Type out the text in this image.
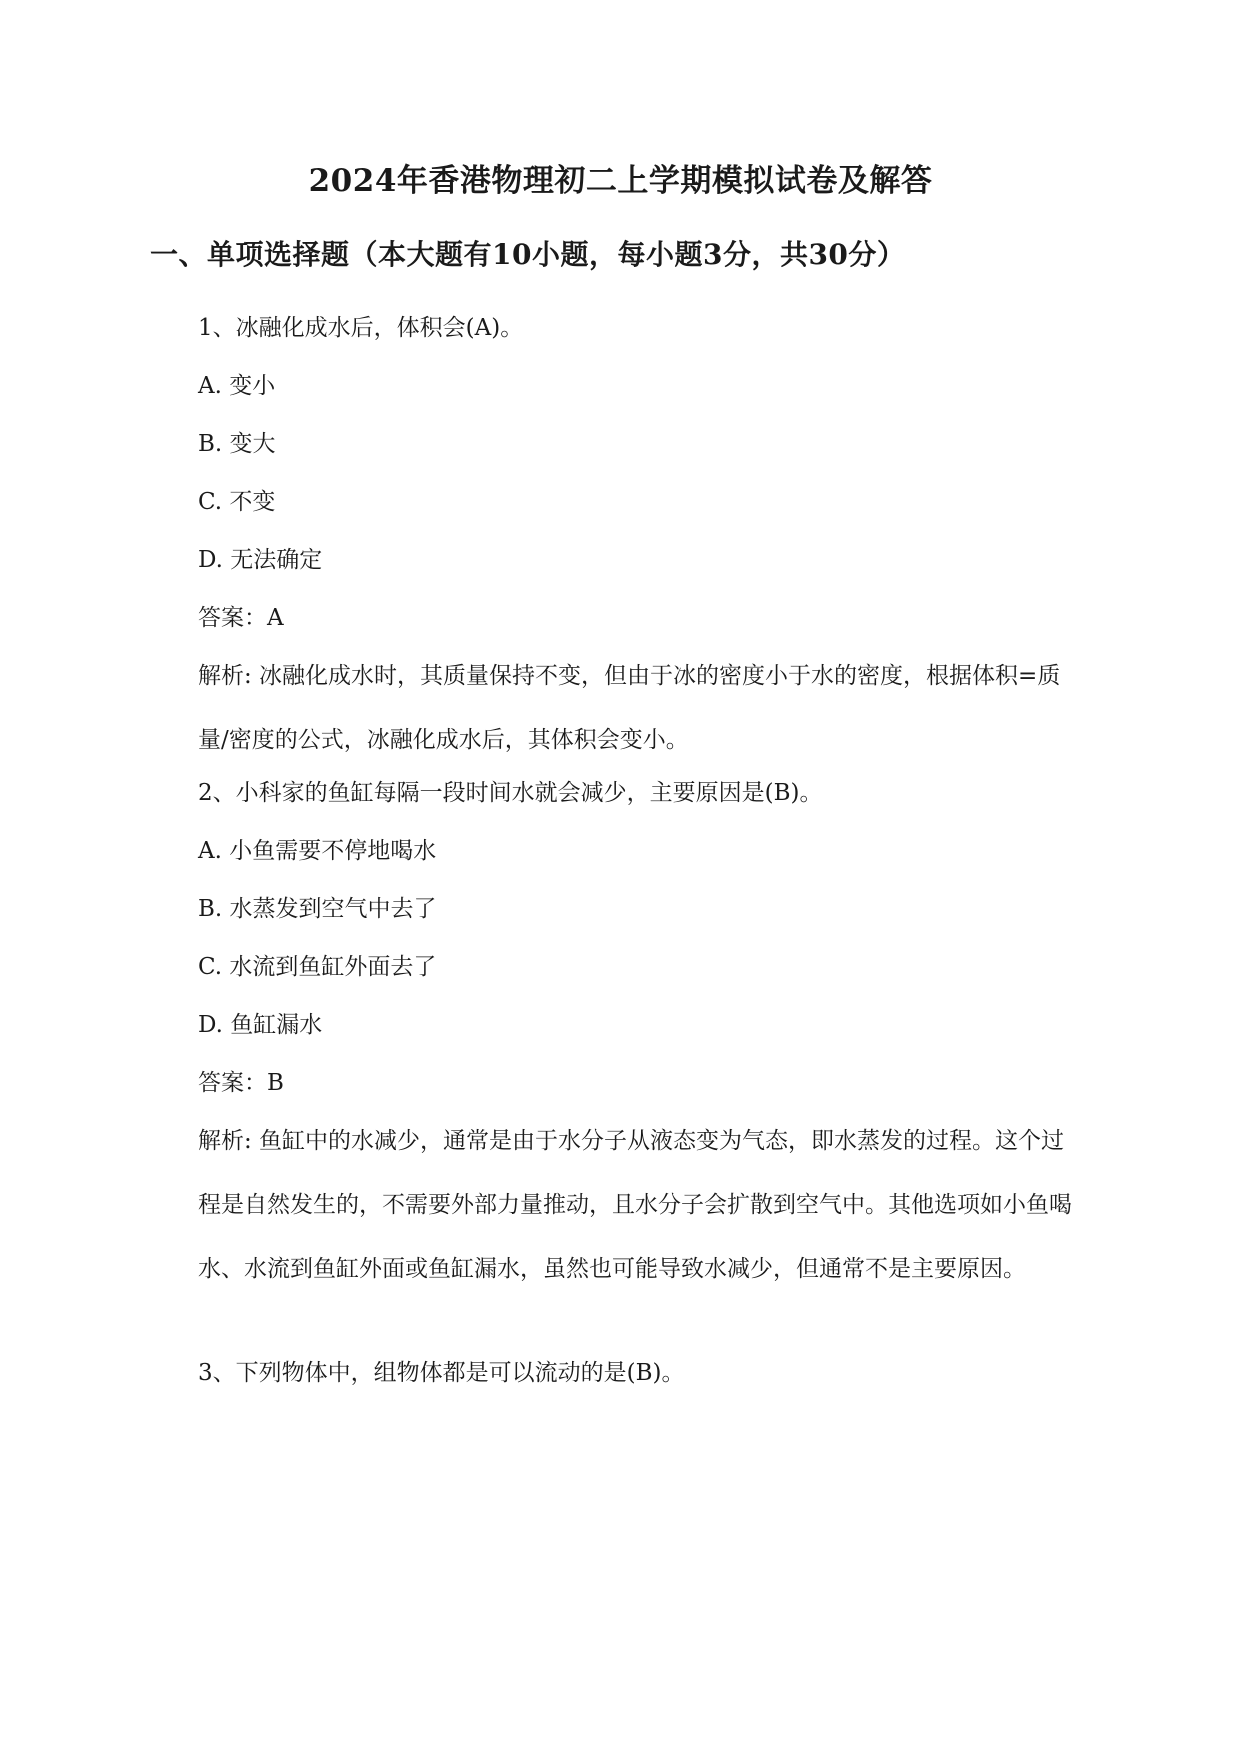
2024年香港物理初二上学期模拟试卷及解答
一、单项选择题（本大题有10小题，每小题3分，共30分）
1、冰融化成水后，体积会(A)。
A. 变小
B. 变大
C. 不变
D. 无法确定
答案：A
解析: 冰融化成水时，其质量保持不变，但由于冰的密度小于水的密度，根据体积=质量/密度的公式，冰融化成水后，其体积会变小。
2、小科家的鱼缸每隔一段时间水就会减少，主要原因是(B)。
A. 小鱼需要不停地喝水
B. 水蒸发到空气中去了
C. 水流到鱼缸外面去了
D. 鱼缸漏水
答案：B
解析: 鱼缸中的水减少，通常是由于水分子从液态变为气态，即水蒸发的过程。这个过程是自然发生的，不需要外部力量推动，且水分子会扩散到空气中。其他选项如小鱼喝水、水流到鱼缸外面或鱼缸漏水，虽然也可能导致水减少，但通常不是主要原因。
3、下列物体中，组物体都是可以流动的是(B)。
